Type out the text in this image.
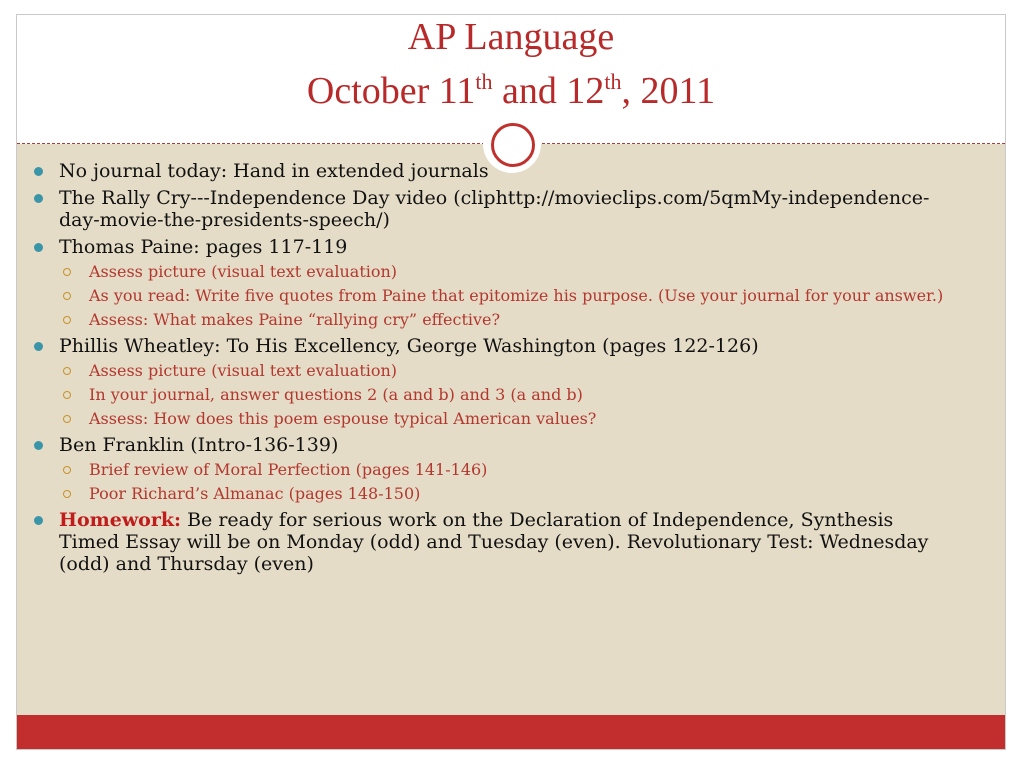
AP Language
October 11th and 12th, 2011
No journal today: Hand in extended journals
The Rally Cry---Independence Day video (cliphttp://movieclips.com/5qmMy-independence-day-movie-the-presidents-speech/)
Thomas Paine: pages 117-119
Assess picture (visual text evaluation)
As you read: Write five quotes from Paine that epitomize his purpose. (Use your journal for your answer.)
Assess: What makes Paine “rallying cry” effective?
Phillis Wheatley: To His Excellency, George Washington (pages 122-126)
Assess picture (visual text evaluation)
In your journal, answer questions 2 (a and b) and 3 (a and b)
Assess: How does this poem espouse typical American values?
Ben Franklin (Intro-136-139)
Brief review of Moral Perfection (pages 141-146)
Poor Richard’s Almanac (pages 148-150)
Homework: Be ready for serious work on the Declaration of Independence, Synthesis Timed Essay will be on Monday (odd) and Tuesday (even). Revolutionary Test: Wednesday (odd) and Thursday (even)
